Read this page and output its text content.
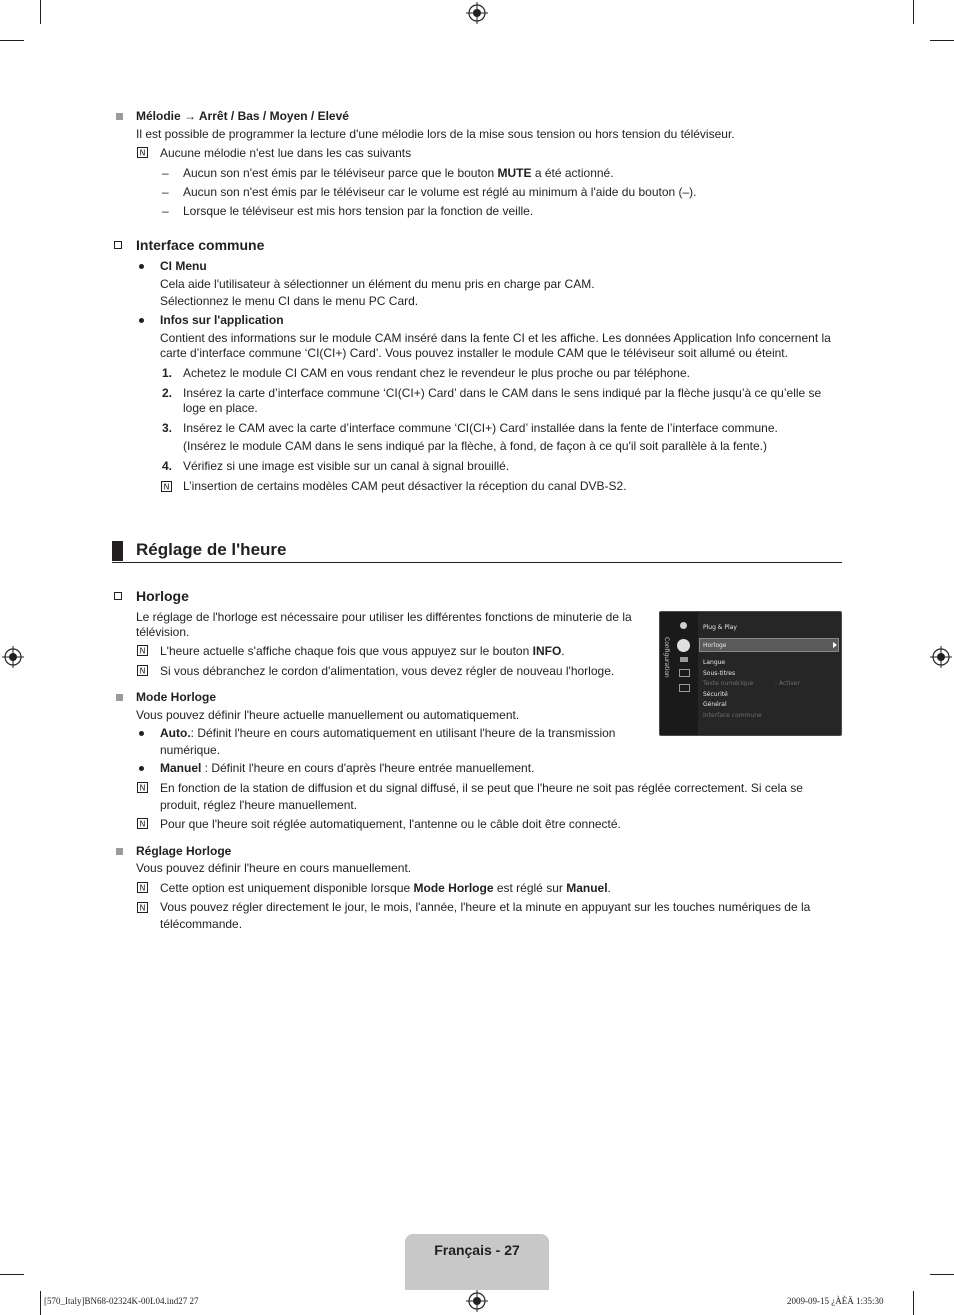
Mélodie → Arrêt / Bas / Moyen / Elevé
Il est possible de programmer la lecture d'une mélodie lors de la mise sous tension ou hors tension du téléviseur.
N Aucune mélodie n'est lue dans les cas suivants
– Aucun son n'est émis par le téléviseur parce que le bouton MUTE a été actionné.
– Aucun son n'est émis par le téléviseur car le volume est réglé au minimum à l'aide du bouton (–).
– Lorsque le téléviseur est mis hors tension par la fonction de veille.
Interface commune
CI Menu
Cela aide l'utilisateur à sélectionner un élément du menu pris en charge par CAM.
Sélectionnez le menu CI dans le menu PC Card.
Infos sur l'application
Contient des informations sur le module CAM inséré dans la fente CI et les affiche. Les données Application Info concernent la
carte d’interface commune ‘CI(CI+) Card’. Vous pouvez installer le module CAM que le téléviseur soit allumé ou éteint.
1. Achetez le module CI CAM en vous rendant chez le revendeur le plus proche ou par téléphone.
2. Insérez la carte d’interface commune ‘CI(CI+) Card’ dans le CAM dans le sens indiqué par la flèche jusqu’à ce qu’elle se
loge en place.
3. Insérez le CAM avec la carte d’interface commune ‘CI(CI+) Card’ installée dans la fente de l’interface commune.
(Insérez le module CAM dans le sens indiqué par la flèche, à fond, de façon à ce qu'il soit parallèle à la fente.)
4. Vérifiez si une image est visible sur un canal à signal brouillé.
N L’insertion de certains modèles CAM peut désactiver la réception du canal DVB-S2.
Réglage de l'heure
Horloge
Le réglage de l'horloge est nécessaire pour utiliser les différentes fonctions de minuterie de la
télévision.
N L'heure actuelle s'affiche chaque fois que vous appuyez sur le bouton INFO.
N Si vous débranchez le cordon d'alimentation, vous devez régler de nouveau l'horloge.	Configuration
Plug & Play
Horloge
Langue
Sous-titres
Texte numérique	: Activer
Sécurité
Général
Interface commune
Mode Horloge
Vous pouvez définir l'heure actuelle manuellement ou automatiquement.
Auto.: Définit l'heure en cours automatiquement en utilisant l'heure de la transmission
numérique.
Manuel : Définit l'heure en cours d'après l'heure entrée manuellement.
N En fonction de la station de diffusion et du signal diffusé, il se peut que l'heure ne soit pas réglée correctement. Si cela se
produit, réglez l'heure manuellement.
N Pour que l'heure soit réglée automatiquement, l'antenne ou le câble doit être connecté.
Réglage Horloge
Vous pouvez définir l'heure en cours manuellement.
N Cette option est uniquement disponible lorsque Mode Horloge est réglé sur Manuel.
N Vous pouvez régler directement le jour, le mois, l'année, l'heure et la minute en appuyant sur les touches numériques de la
télécommande.
Français - 27
[570_Italy]BN68-02324K-00L04.ind27 27	2009-09-15 ¿ÀÈÄ 1:35:30
